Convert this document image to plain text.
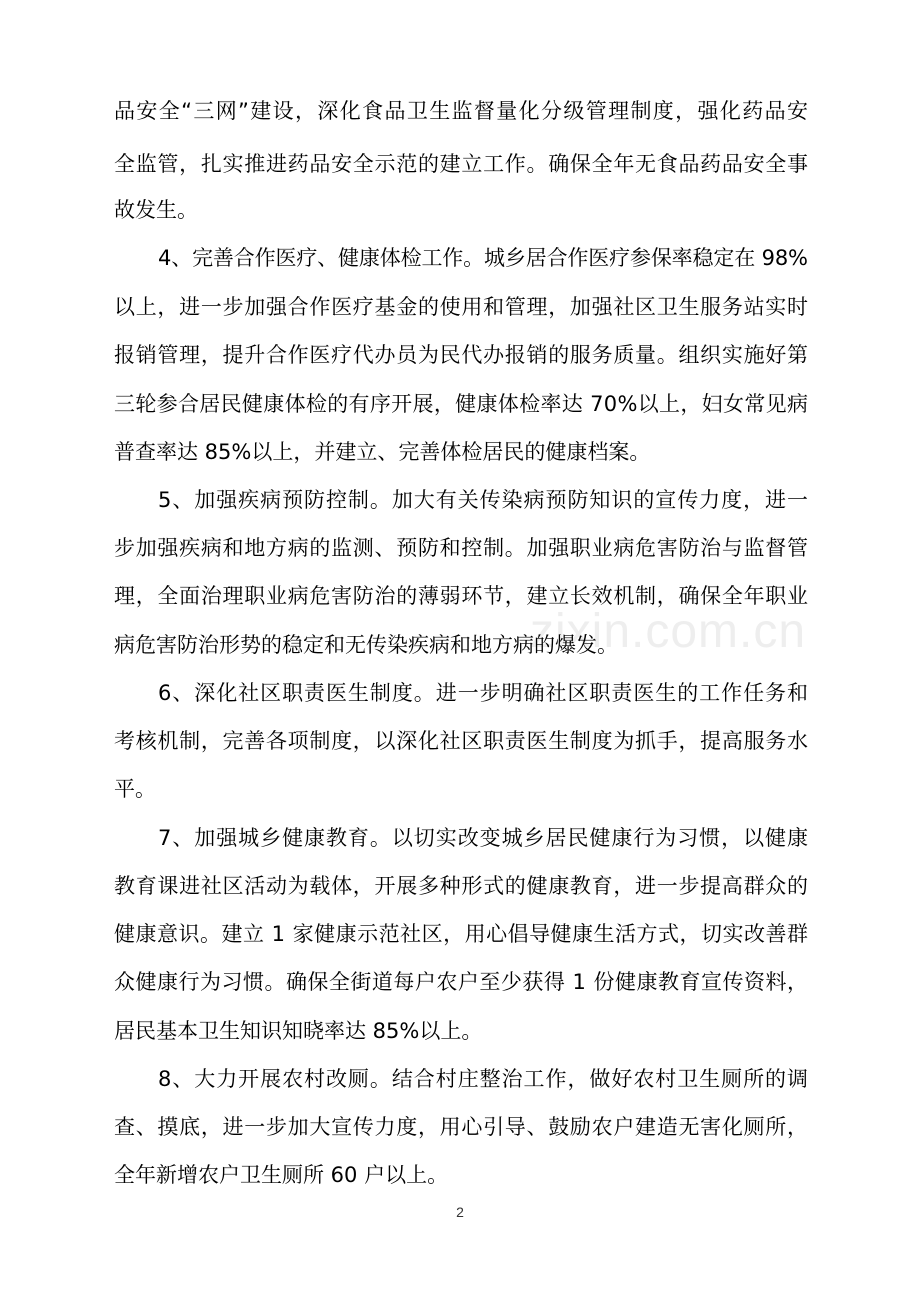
zixin.com.cn
品安全“三网”建设，深化食品卫生监督量化分级管理制度，强化药品安
全监管，扎实推进药品安全示范的建立工作。确保全年无食品药品安全事
故发生。
4、完善合作医疗、健康体检工作。城乡居合作医疗参保率稳定在 98%
以上，进一步加强合作医疗基金的使用和管理，加强社区卫生服务站实时
报销管理，提升合作医疗代办员为民代办报销的服务质量。组织实施好第
三轮参合居民健康体检的有序开展，健康体检率达 70%以上，妇女常见病
普查率达 85%以上，并建立、完善体检居民的健康档案。
5、加强疾病预防控制。加大有关传染病预防知识的宣传力度，进一
步加强疾病和地方病的监测、预防和控制。加强职业病危害防治与监督管
理，全面治理职业病危害防治的薄弱环节，建立长效机制，确保全年职业
病危害防治形势的稳定和无传染疾病和地方病的爆发。
6、深化社区职责医生制度。进一步明确社区职责医生的工作任务和
考核机制，完善各项制度，以深化社区职责医生制度为抓手，提高服务水
平。
7、加强城乡健康教育。以切实改变城乡居民健康行为习惯，以健康
教育课进社区活动为载体，开展多种形式的健康教育，进一步提高群众的
健康意识。建立 1 家健康示范社区，用心倡导健康生活方式，切实改善群
众健康行为习惯。确保全街道每户农户至少获得 1 份健康教育宣传资料，
居民基本卫生知识知晓率达 85%以上。
8、大力开展农村改厕。结合村庄整治工作，做好农村卫生厕所的调
查、摸底，进一步加大宣传力度，用心引导、鼓励农户建造无害化厕所，
全年新增农户卫生厕所 60 户以上。
2
